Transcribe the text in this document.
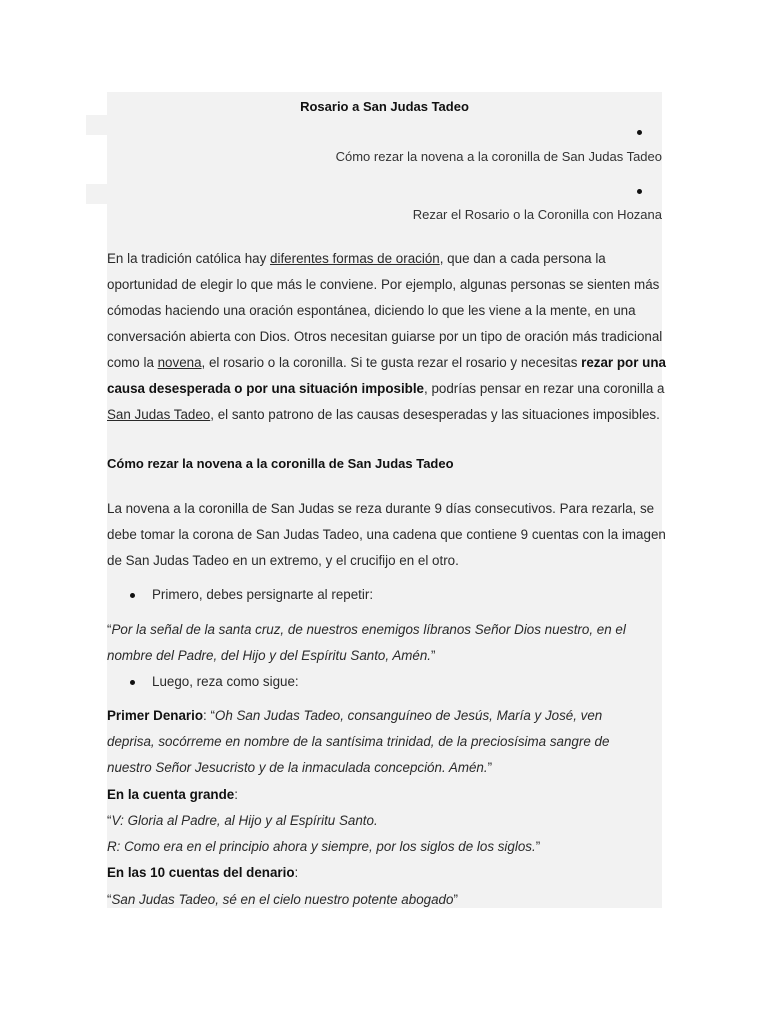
Rosario a San Judas Tadeo
Cómo rezar la novena a la coronilla de San Judas Tadeo
Rezar el Rosario o la Coronilla con Hozana

En la tradición católica hay diferentes formas de oración, que dan a cada persona la oportunidad de elegir lo que más le conviene. Por ejemplo, algunas personas se sienten más cómodas haciendo una oración espontánea, diciendo lo que les viene a la mente, en una conversación abierta con Dios. Otros necesitan guiarse por un tipo de oración más tradicional como la novena, el rosario o la coronilla. Si te gusta rezar el rosario y necesitas rezar por una causa desesperada o por una situación imposible, podrías pensar en rezar una coronilla a San Judas Tadeo, el santo patrono de las causas desesperadas y las situaciones imposibles.

Cómo rezar la novena a la coronilla de San Judas Tadeo

La novena a la coronilla de San Judas se reza durante 9 días consecutivos. Para rezarla, se debe tomar la corona de San Judas Tadeo, una cadena que contiene 9 cuentas con la imagen de San Judas Tadeo en un extremo, y el crucifijo en el otro.

Primero, debes persignarte al repetir:
“Por la señal de la santa cruz, de nuestros enemigos líbranos Señor Dios nuestro, en el
nombre del Padre, del Hijo y del Espíritu Santo, Amén.”
Luego, reza como sigue:
Primer Denario: “Oh San Judas Tadeo, consanguíneo de Jesús, María y José, ven
deprisa, socórreme en nombre de la santísima trinidad, de la preciosísima sangre de
nuestro Señor Jesucristo y de la inmaculada concepción. Amén.”
En la cuenta grande:
“V: Gloria al Padre, al Hijo y al Espíritu Santo.
R: Como era en el principio ahora y siempre, por los siglos de los siglos.”
En las 10 cuentas del denario:
“San Judas Tadeo, sé en el cielo nuestro potente abogado”
